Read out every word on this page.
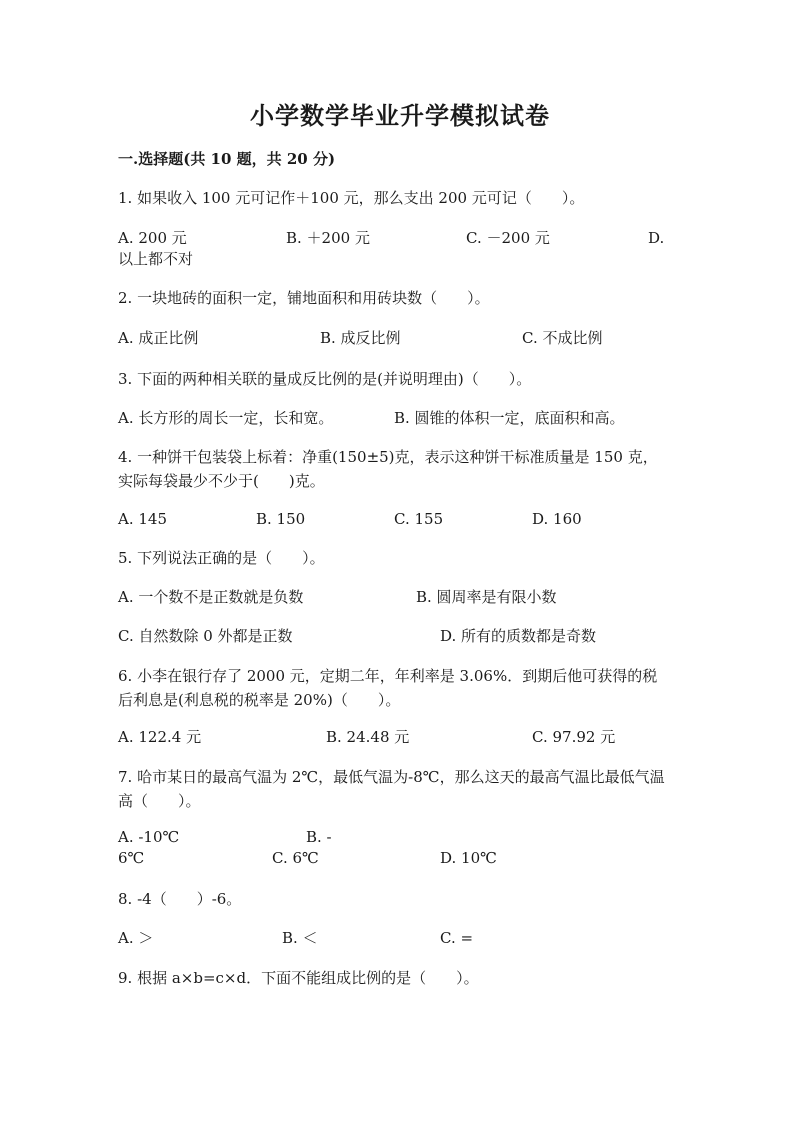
小学数学毕业升学模拟试卷
一.选择题(共 10 题，共 20 分)
1. 如果收入 100 元可记作＋100 元，那么支出 200 元可记（　　）。
A. 200 元	B. ＋200 元	C. －200 元	D.
以上都不对
2. 一块地砖的面积一定，铺地面积和用砖块数（　　）。
A. 成正比例	B. 成反比例	C. 不成比例
3. 下面的两种相关联的量成反比例的是(并说明理由)（　　）。
A. 长方形的周长一定，长和宽。	B. 圆锥的体积一定，底面积和高。
4. 一种饼干包装袋上标着：净重(150±5)克，表示这种饼干标准质量是 150 克，实际每袋最少不少于(　　)克。
A. 145	B. 150	C. 155	D. 160
5. 下列说法正确的是（　　）。
A. 一个数不是正数就是负数	B. 圆周率是有限小数
C. 自然数除 0 外都是正数	D. 所有的质数都是奇数
6. 小李在银行存了 2000 元，定期二年，年利率是 3.06%．到期后他可获得的税后利息是(利息税的税率是 20%)（　　）。
A. 122.4 元	B. 24.48 元	C. 97.92 元
7. 哈市某日的最高气温为 2℃，最低气温为-8℃，那么这天的最高气温比最低气温高（　　）。
A. -10℃	B. -
6℃	C. 6℃	D. 10℃
8. -4（　　）-6。
A. ＞	B. ＜	C. =
9. 根据 a×b=c×d．下面不能组成比例的是（　　）。
